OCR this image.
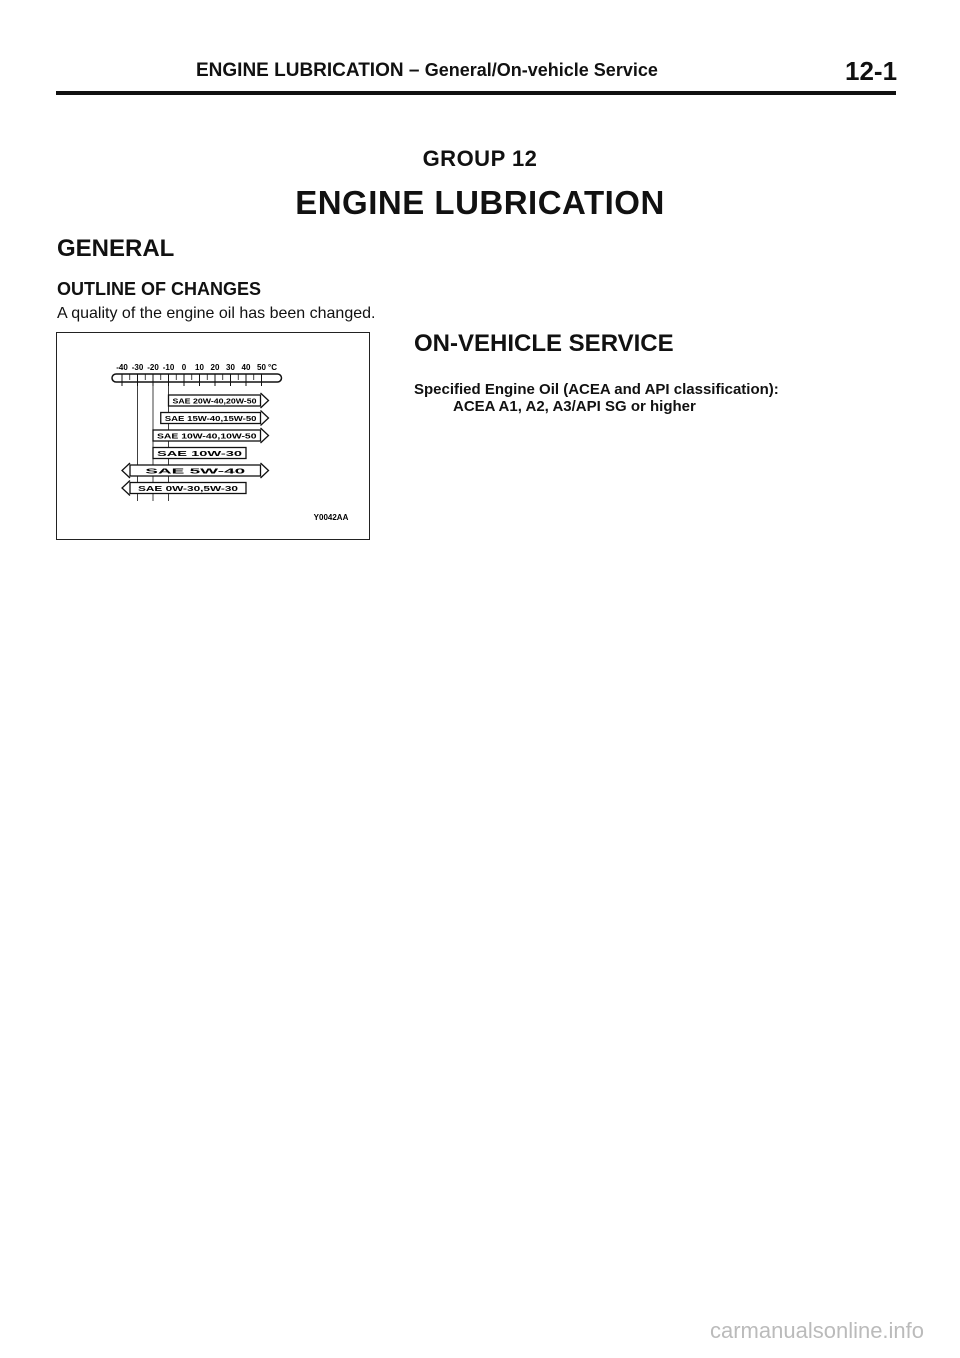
ENGINE LUBRICATION – General/On-vehicle Service	12-1
GROUP 12
ENGINE LUBRICATION
GENERAL
OUTLINE OF CHANGES
A quality of the engine oil has been changed.
-40 -30 -20 -10 0 10 20 30 40 50 °C
SAE 20W-40,20W-50
SAE 15W-40,15W-50
SAE 10W-40,10W-50
SAE 10W-30
SAE 5W-40
SAE 0W-30,5W-30
Y0042AA
ON-VEHICLE SERVICE
Specified Engine Oil (ACEA and API classification):
ACEA A1, A2, A3/API SG or higher
carmanualsonline.info
